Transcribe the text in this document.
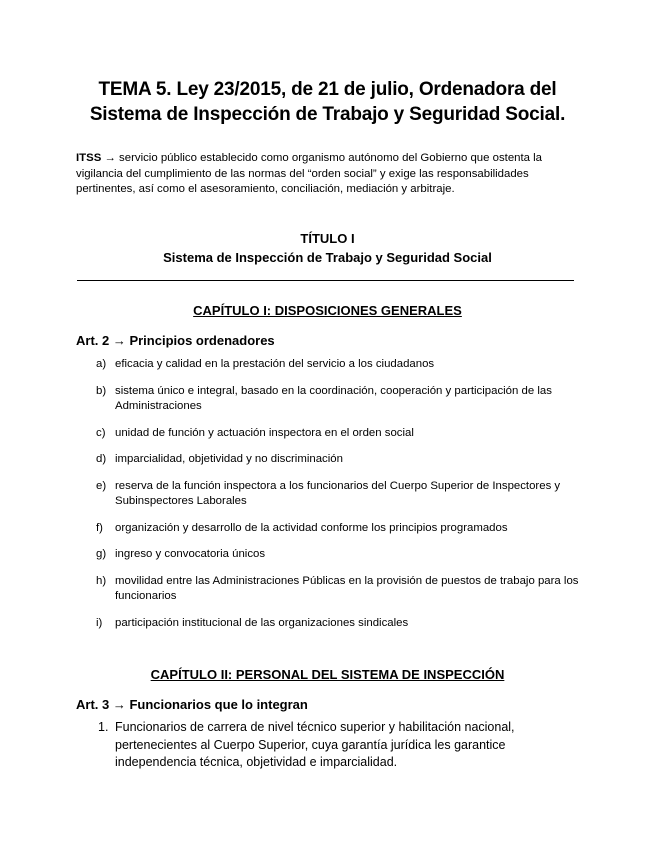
TEMA 5. Ley 23/2015, de 21 de julio, Ordenadora del
Sistema de Inspección de Trabajo y Seguridad Social.

ITSS → servicio público establecido como organismo autónomo del Gobierno que ostenta la vigilancia del cumplimiento de las normas del “orden social” y exige las responsabilidades pertinentes, así como el asesoramiento, conciliación, mediación y arbitraje.

TÍTULO I
Sistema de Inspección de Trabajo y Seguridad Social
CAPÍTULO I: DISPOSICIONES GENERALES
Art. 2 → Principios ordenadores
a) eficacia y calidad en la prestación del servicio a los ciudadanos
b) sistema único e integral, basado en la coordinación, cooperación y participación de las Administraciones
c) unidad de función y actuación inspectora en el orden social
d) imparcialidad, objetividad y no discriminación
e) reserva de la función inspectora a los funcionarios del Cuerpo Superior de Inspectores y Subinspectores Laborales
f) organización y desarrollo de la actividad conforme los principios programados
g) ingreso y convocatoria únicos
h) movilidad entre las Administraciones Públicas en la provisión de puestos de trabajo para los funcionarios
i) participación institucional de las organizaciones sindicales
CAPÍTULO II: PERSONAL DEL SISTEMA DE INSPECCIÓN
Art. 3 → Funcionarios que lo integran
1. Funcionarios de carrera de nivel técnico superior y habilitación nacional, pertenecientes al Cuerpo Superior, cuya garantía jurídica les garantice independencia técnica, objetividad e imparcialidad.
